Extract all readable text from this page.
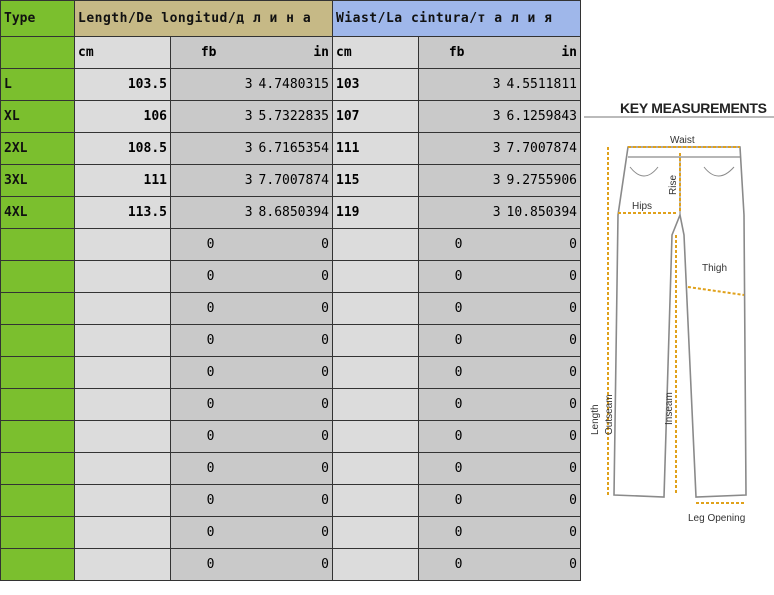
Type	Length/De longitud/д л и н а		Wiast/La cintura/т а л и я	
	cm	fb in	cm	fb in

L	103.5	3 4.7480315	103	3 4.5511811

XL	106	3 5.7322835	107	3 6.1259843

2XL	108.5	3 6.7165354	111	3 7.7007874

3XL	111	3 7.7007874	115	3 9.2755906

4XL	113.5	3 8.6850394	119	3 10.850394

		0 0		0 0

		0 0		0 0

		0 0		0 0

		0 0		0 0

		0 0		0 0

		0 0		0 0

		0 0		0 0

		0 0		0 0

		0 0		0 0

		0 0		0 0

		0 0		0 0
KEY MEASUREMENTS
Waist
Rise
Hips
Thigh
Length Outseam	Inseam
Leg Opening
